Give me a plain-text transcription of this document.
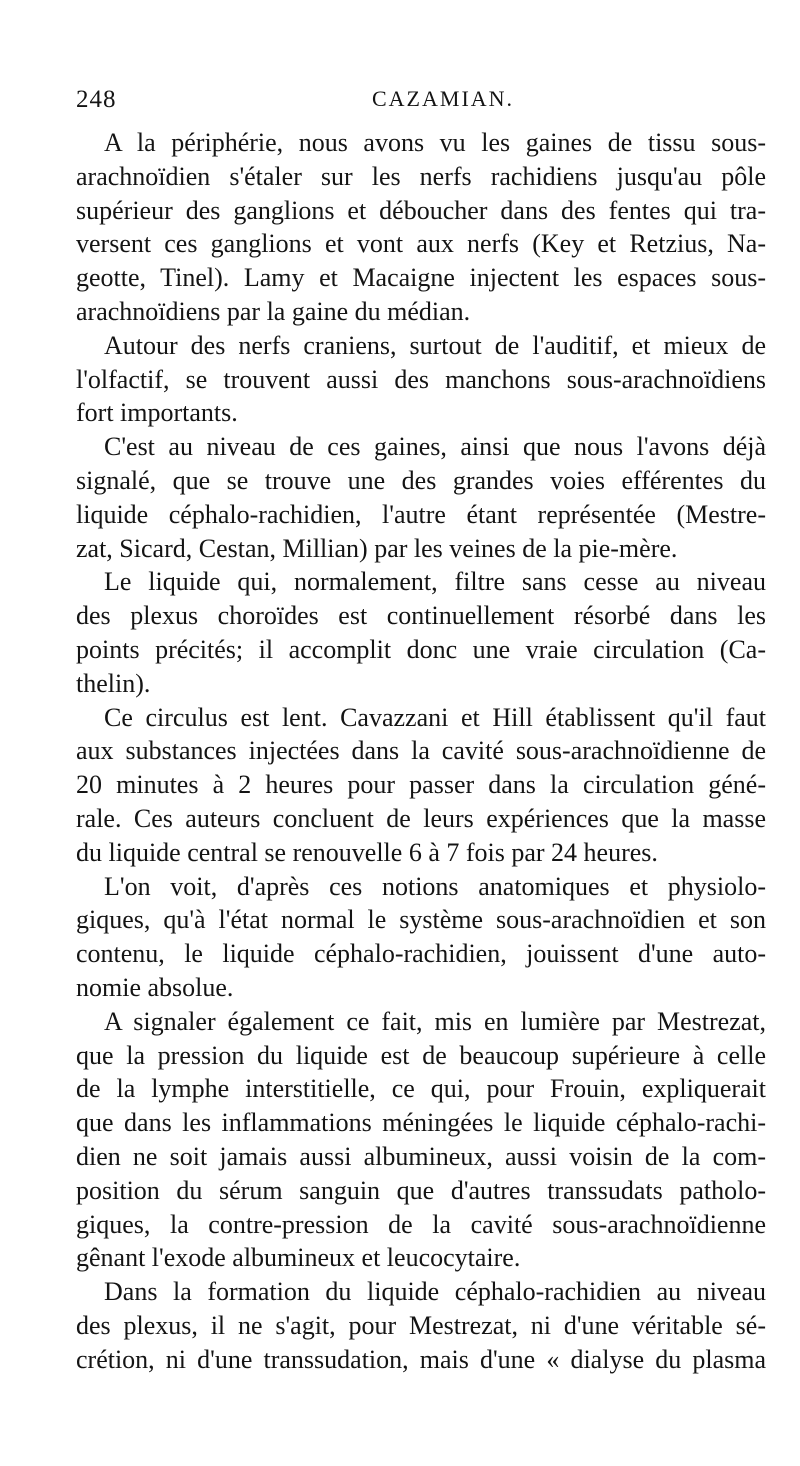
248	CAZAMIAN.
A la périphérie, nous avons vu les gaines de tissu sous-
arachnoïdien s'étaler sur les nerfs rachidiens jusqu'au pôle
supérieur des ganglions et déboucher dans des fentes qui tra-
versent ces ganglions et vont aux nerfs (Key et Retzius, Na-
geotte, Tinel). Lamy et Macaigne injectent les espaces sous-
arachnoïdiens par la gaine du médian.
Autour des nerfs craniens, surtout de l'auditif, et mieux de
l'olfactif, se trouvent aussi des manchons sous-arachnoïdiens
fort importants.
C'est au niveau de ces gaines, ainsi que nous l'avons déjà
signalé, que se trouve une des grandes voies efférentes du
liquide céphalo-rachidien, l'autre étant représentée (Mestre-
zat, Sicard, Cestan, Millian) par les veines de la pie-mère.
Le liquide qui, normalement, filtre sans cesse au niveau
des plexus choroïdes est continuellement résorbé dans les
points précités; il accomplit donc une vraie circulation (Ca-
thelin).
Ce circulus est lent. Cavazzani et Hill établissent qu'il faut
aux substances injectées dans la cavité sous-arachnoïdienne de
20 minutes à 2 heures pour passer dans la circulation géné-
rale. Ces auteurs concluent de leurs expériences que la masse
du liquide central se renouvelle 6 à 7 fois par 24 heures.
L'on voit, d'après ces notions anatomiques et physiolo-
giques, qu'à l'état normal le système sous-arachnoïdien et son
contenu, le liquide céphalo-rachidien, jouissent d'une auto-
nomie absolue.
A signaler également ce fait, mis en lumière par Mestrezat,
que la pression du liquide est de beaucoup supérieure à celle
de la lymphe interstitielle, ce qui, pour Frouin, expliquerait
que dans les inflammations méningées le liquide céphalo-rachi-
dien ne soit jamais aussi albumineux, aussi voisin de la com-
position du sérum sanguin que d'autres transsudats patholo-
giques, la contre-pression de la cavité sous-arachnoïdienne
gênant l'exode albumineux et leucocytaire.
Dans la formation du liquide céphalo-rachidien au niveau
des plexus, il ne s'agit, pour Mestrezat, ni d'une véritable sé-
crétion, ni d'une transsudation, mais d'une « dialyse du plasma
